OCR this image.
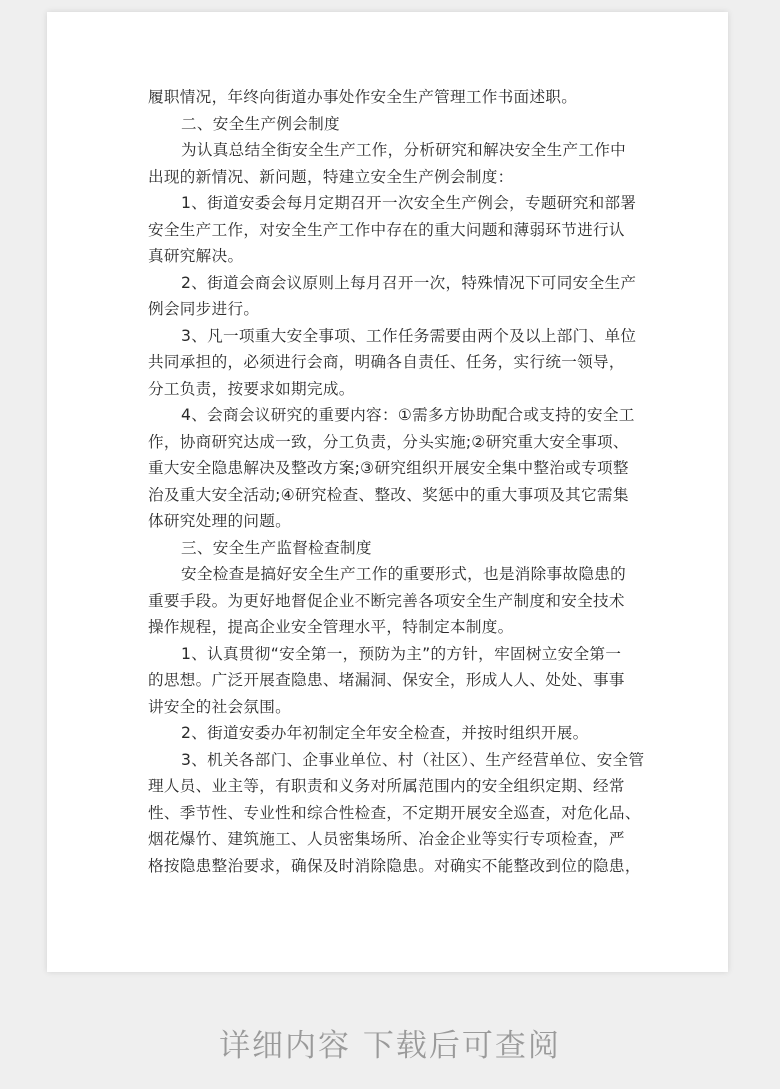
履职情况，年终向街道办事处作安全生产管理工作书面述职。
二、安全生产例会制度
为认真总结全街安全生产工作，分析研究和解决安全生产工作中
出现的新情况、新问题，特建立安全生产例会制度：
1、街道安委会每月定期召开一次安全生产例会，专题研究和部署
安全生产工作，对安全生产工作中存在的重大问题和薄弱环节进行认
真研究解决。
2、街道会商会议原则上每月召开一次，特殊情况下可同安全生产
例会同步进行。
3、凡一项重大安全事项、工作任务需要由两个及以上部门、单位
共同承担的，必须进行会商，明确各自责任、任务，实行统一领导，
分工负责，按要求如期完成。
4、会商会议研究的重要内容：①需多方协助配合或支持的安全工
作，协商研究达成一致，分工负责，分头实施;②研究重大安全事项、
重大安全隐患解决及整改方案;③研究组织开展安全集中整治或专项整
治及重大安全活动;④研究检查、整改、奖惩中的重大事项及其它需集
体研究处理的问题。
三、安全生产监督检查制度
安全检查是搞好安全生产工作的重要形式，也是消除事故隐患的
重要手段。为更好地督促企业不断完善各项安全生产制度和安全技术
操作规程，提高企业安全管理水平，特制定本制度。
1、认真贯彻“安全第一，预防为主”的方针，牢固树立安全第一
的思想。广泛开展查隐患、堵漏洞、保安全，形成人人、处处、事事
讲安全的社会氛围。
2、街道安委办年初制定全年安全检查，并按时组织开展。
3、机关各部门、企事业单位、村（社区）、生产经营单位、安全管
理人员、业主等，有职责和义务对所属范围内的安全组织定期、经常
性、季节性、专业性和综合性检查，不定期开展安全巡查，对危化品、
烟花爆竹、建筑施工、人员密集场所、冶金企业等实行专项检查，严
格按隐患整治要求，确保及时消除隐患。对确实不能整改到位的隐患，
详细内容 下载后可查阅
